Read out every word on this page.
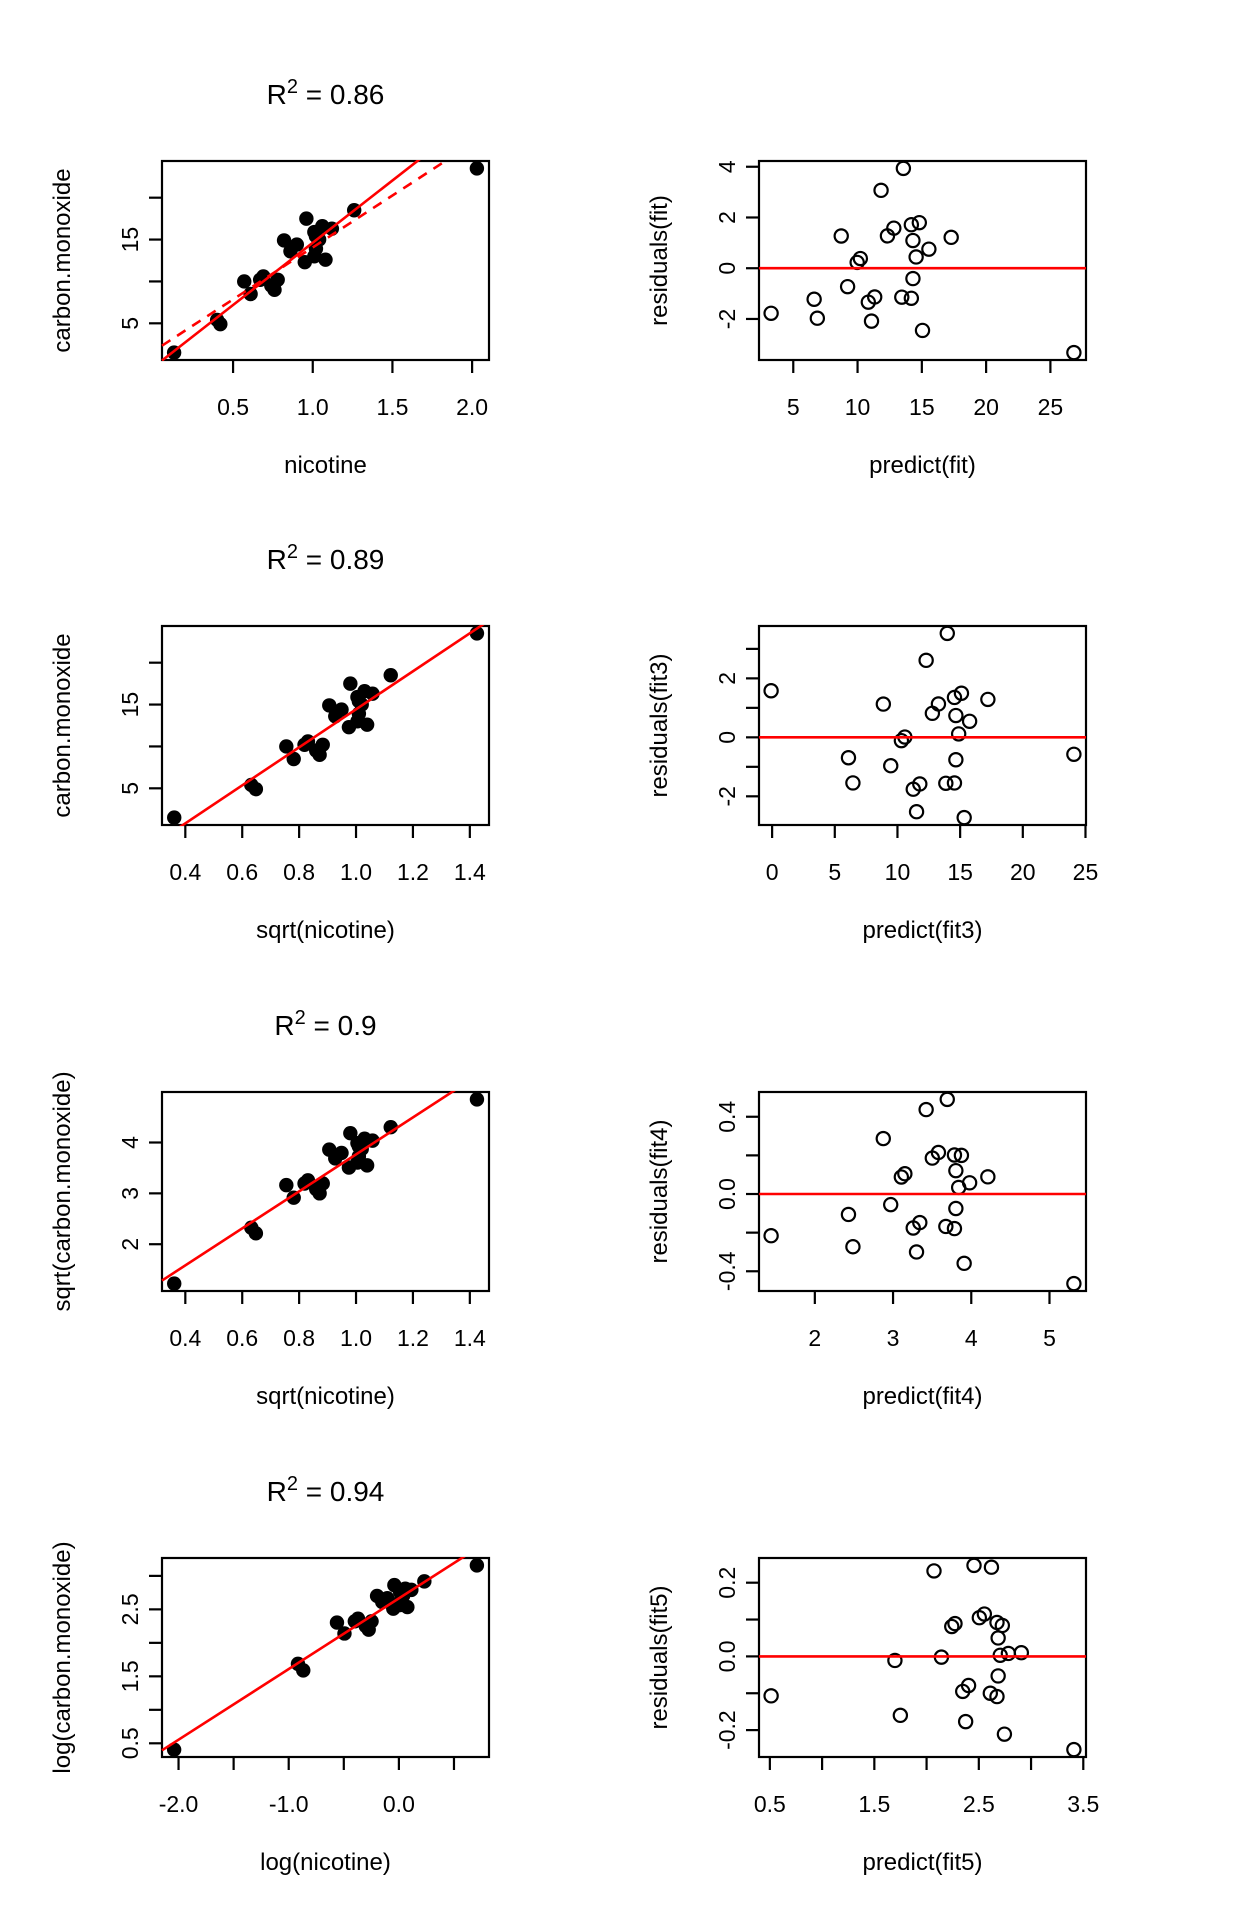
0.5 1.0 1.5 2.0
5
15
nicotine
carbon.monoxide
$R^2 = 0.86$
5 10 15 20 25
-2
0
2
4
predict(fit)
residuals(fit)
0.4 0.6 0.8 1.0 1.2 1.4
5
15
sqrt(nicotine)
carbon.monoxide
$R^2 = 0.89$
0 5 10 15 20 25
-2
0
2
predict(fit3)
residuals(fit3)
0.4 0.6 0.8 1.0 1.2 1.4
2
3
4
sqrt(nicotine)
sqrt(carbon.monoxide)
$R^2 = 0.9$
2	3	4	5
-0.4
0.0
0.4
predict(fit4)
residuals(fit4)
-2.0	-1.0	0.0
0.5
1.5
2.5
log(nicotine)
log(carbon.monoxide)
$R^2 = 0.94$
0.5	1.5	2.5	3.5
-0.2
0.0
0.2
predict(fit5)
residuals(fit5)
